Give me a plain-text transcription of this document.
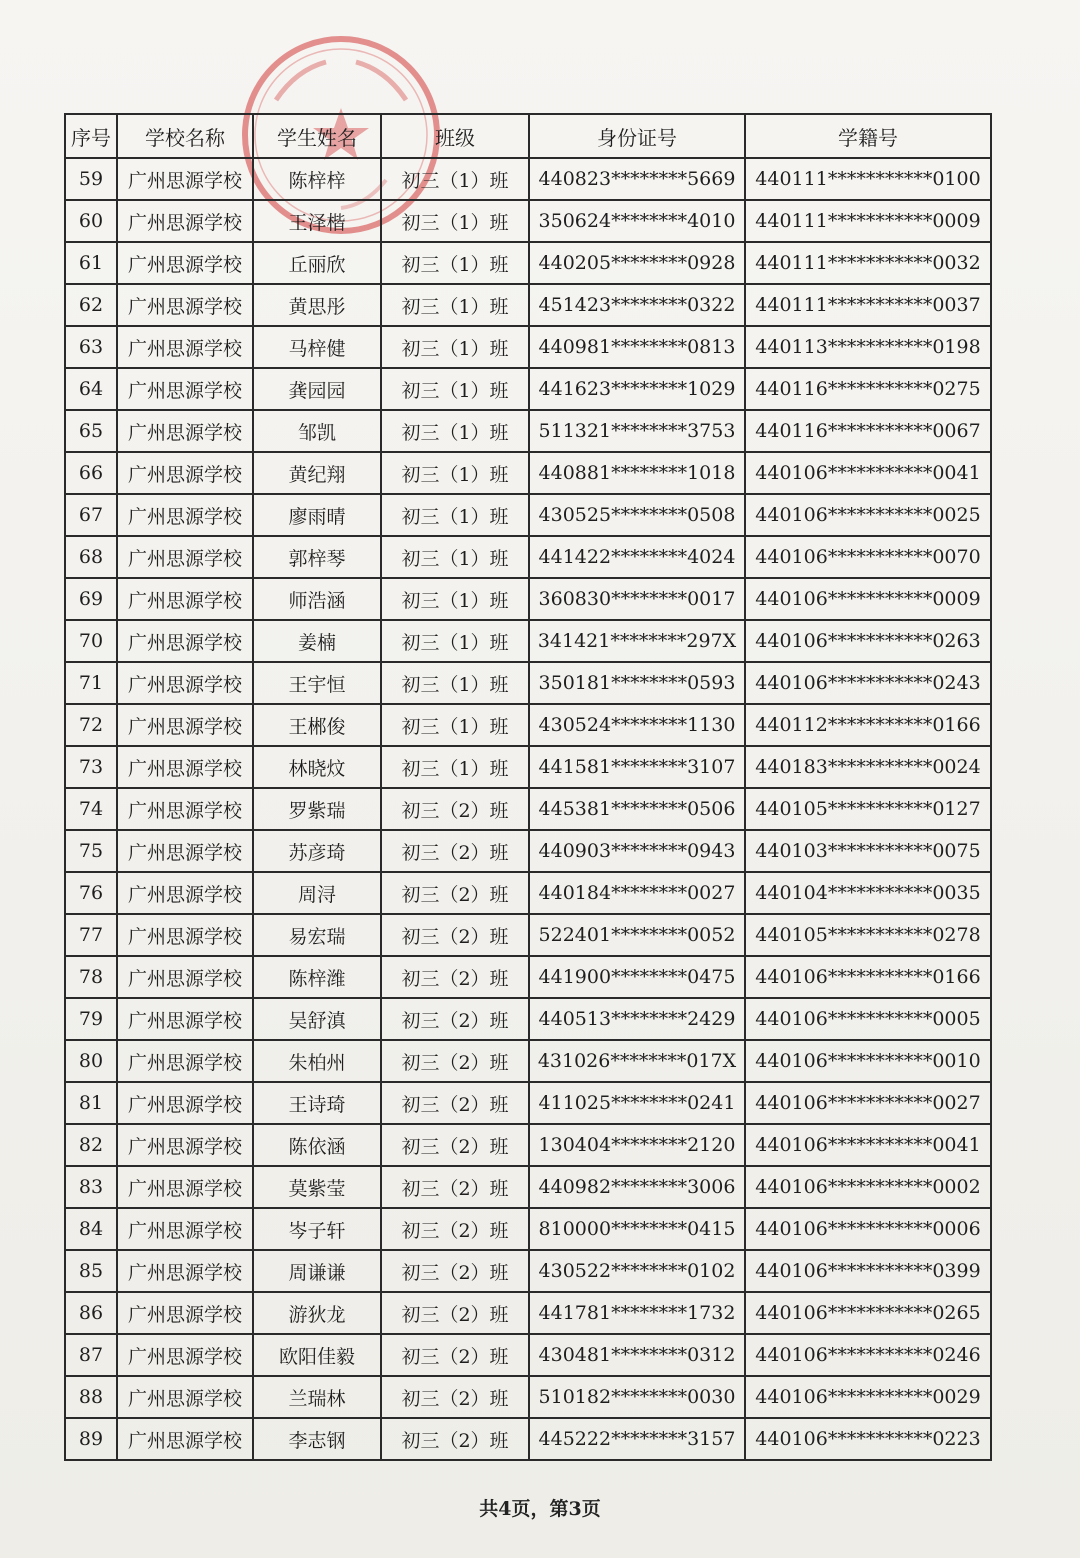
序号	学校名称	学生姓名	班级	身份证号	学籍号
59	广州思源学校	陈梓梓	初三（1）班	440823********5669	440111***********0100
60	广州思源学校	王泽楷	初三（1）班	350624********4010	440111***********0009
61	广州思源学校	丘丽欣	初三（1）班	440205********0928	440111***********0032
62	广州思源学校	黄思彤	初三（1）班	451423********0322	440111***********0037
63	广州思源学校	马梓健	初三（1）班	440981********0813	440113***********0198
64	广州思源学校	龚园园	初三（1）班	441623********1029	440116***********0275
65	广州思源学校	邹凯	初三（1）班	511321********3753	440116***********0067
66	广州思源学校	黄纪翔	初三（1）班	440881********1018	440106***********0041
67	广州思源学校	廖雨晴	初三（1）班	430525********0508	440106***********0025
68	广州思源学校	郭梓琴	初三（1）班	441422********4024	440106***********0070
69	广州思源学校	师浩涵	初三（1）班	360830********0017	440106***********0009
70	广州思源学校	姜楠	初三（1）班	341421********297X	440106***********0263
71	广州思源学校	王宇恒	初三（1）班	350181********0593	440106***********0243
72	广州思源学校	王郴俊	初三（1）班	430524********1130	440112***********0166
73	广州思源学校	林晓炆	初三（1）班	441581********3107	440183***********0024
74	广州思源学校	罗紫瑞	初三（2）班	445381********0506	440105***********0127
75	广州思源学校	苏彦琦	初三（2）班	440903********0943	440103***********0075
76	广州思源学校	周浔	初三（2）班	440184********0027	440104***********0035
77	广州思源学校	易宏瑞	初三（2）班	522401********0052	440105***********0278
78	广州思源学校	陈梓潍	初三（2）班	441900********0475	440106***********0166
79	广州思源学校	吴舒滇	初三（2）班	440513********2429	440106***********0005
80	广州思源学校	朱柏州	初三（2）班	431026********017X	440106***********0010
81	广州思源学校	王诗琦	初三（2）班	411025********0241	440106***********0027
82	广州思源学校	陈依涵	初三（2）班	130404********2120	440106***********0041
83	广州思源学校	莫紫莹	初三（2）班	440982********3006	440106***********0002
84	广州思源学校	岑子轩	初三（2）班	810000********0415	440106***********0006
85	广州思源学校	周谦谦	初三（2）班	430522********0102	440106***********0399
86	广州思源学校	游狄龙	初三（2）班	441781********1732	440106***********0265
87	广州思源学校	欧阳佳毅	初三（2）班	430481********0312	440106***********0246
88	广州思源学校	兰瑞林	初三（2）班	510182********0030	440106***********0029
89	广州思源学校	李志钢	初三（2）班	445222********3157	440106***********0223
共4页，第3页
